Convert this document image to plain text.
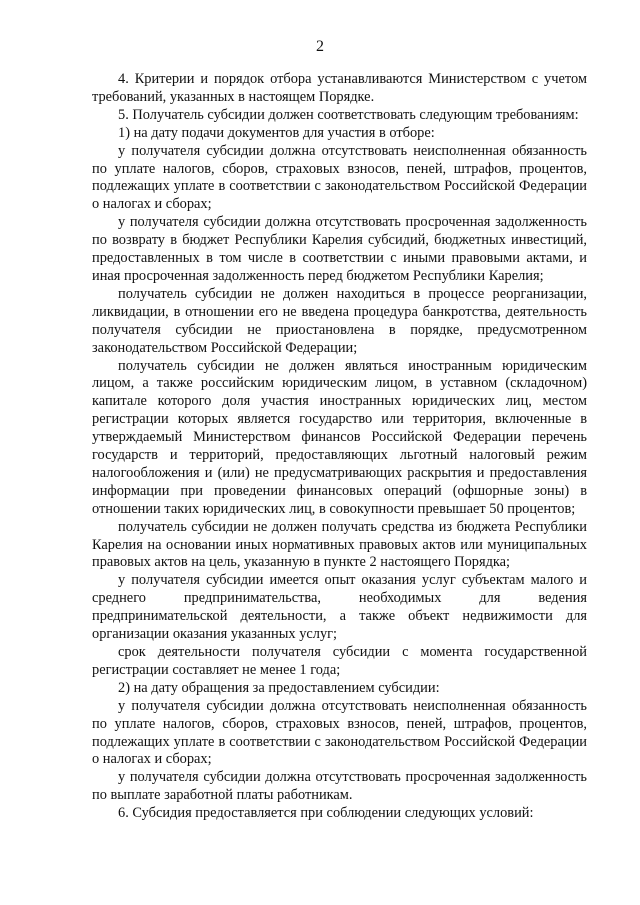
2

4. Критерии и порядок отбора устанавливаются Министерством с учетом требований, указанных в настоящем Порядке.

5. Получатель субсидии должен соответствовать следующим требованиям:

1) на дату подачи документов для участия в отборе:

у получателя субсидии должна отсутствовать неисполненная обязанность по уплате налогов, сборов, страховых взносов, пеней, штрафов, процентов, подлежащих уплате в соответствии с законодательством Российской Федерации о налогах и сборах;

у получателя субсидии должна отсутствовать просроченная задолженность по возврату в бюджет Республики Карелия субсидий, бюджетных инвестиций, предоставленных в том числе в соответствии с иными правовыми актами, и иная просроченная задолженность перед бюджетом Республики Карелия;

получатель субсидии не должен находиться в процессе реорганизации, ликвидации, в отношении его не введена процедура банкротства, деятельность получателя субсидии не приостановлена в порядке, предусмотренном законодательством Российской Федерации;

получатель субсидии не должен являться иностранным юридическим лицом, а также российским юридическим лицом, в уставном (складочном) капитале которого доля участия иностранных юридических лиц, местом регистрации которых является государство или территория, включенные в утверждаемый Министерством финансов Российской Федерации перечень государств и территорий, предоставляющих льготный налоговый режим налогообложения и (или) не предусматривающих раскрытия и предоставления информации при проведении финансовых операций (офшорные зоны) в отношении таких юридических лиц, в совокупности превышает 50 процентов;

получатель субсидии не должен получать средства из бюджета Республики Карелия на основании иных нормативных правовых актов или муниципальных правовых актов на цель, указанную в пункте 2 настоящего Порядка;

у получателя субсидии имеется опыт оказания услуг субъектам малого и среднего предпринимательства, необходимых для ведения предпринимательской деятельности, а также объект недвижимости для организации оказания указанных услуг;

срок деятельности получателя субсидии с момента государственной регистрации составляет не менее 1 года;

2) на дату обращения за предоставлением субсидии:

у получателя субсидии должна отсутствовать неисполненная обязанность по уплате налогов, сборов, страховых взносов, пеней, штрафов, процентов, подлежащих уплате в соответствии с законодательством Российской Федерации о налогах и сборах;

у получателя субсидии должна отсутствовать просроченная задолженность по выплате заработной платы работникам.

6. Субсидия предоставляется при соблюдении следующих условий:
